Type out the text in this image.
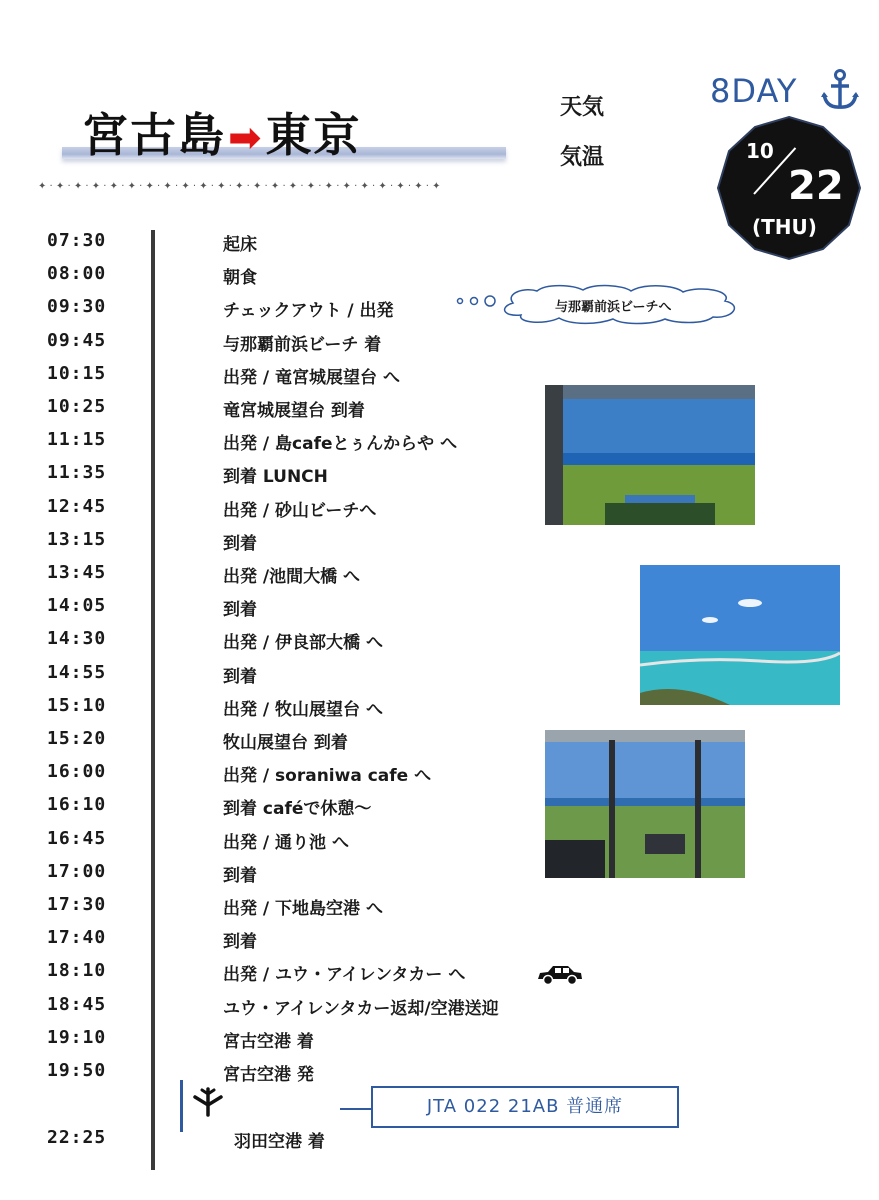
宮古島➡東京
天気
気温
8DAY
10
22
(THU)
✦ · ✦ · ✦ · ✦ · ✦ · ✦ · ✦ · ✦ · ✦ · ✦ · ✦ · ✦ · ✦ · ✦ · ✦ · ✦ · ✦ · ✦ · ✦ · ✦ · ✦ · ✦ · ✦
07:30	起床
08:00	朝食
09:30	チェックアウト / 出発
09:45	与那覇前浜ビーチ 着
10:15	出発 / 竜宮城展望台 へ
10:25	竜宮城展望台 到着
11:15	出発 / 島cafeとぅんからや へ
11:35	到着 LUNCH
12:45	出発 / 砂山ビーチへ
13:15	到着
13:45	出発 /池間大橋 へ
14:05	到着
14:30	出発 / 伊良部大橋 へ
14:55	到着
15:10	出発 / 牧山展望台 へ
15:20	牧山展望台 到着
16:00	出発 / soraniwa cafe へ
16:10	到着 caféで休憩～
16:45	出発 / 通り池 へ
17:00	到着
17:30	出発 / 下地島空港 へ
17:40	到着
18:10	出発 / ユウ・アイレンタカー へ
18:45	ユウ・アイレンタカー返却/空港送迎
19:10	宮古空港 着
19:50	宮古空港 発
22:25	羽田空港 着
与那覇前浜ビーチへ
JTA 022 21AB 普通席
